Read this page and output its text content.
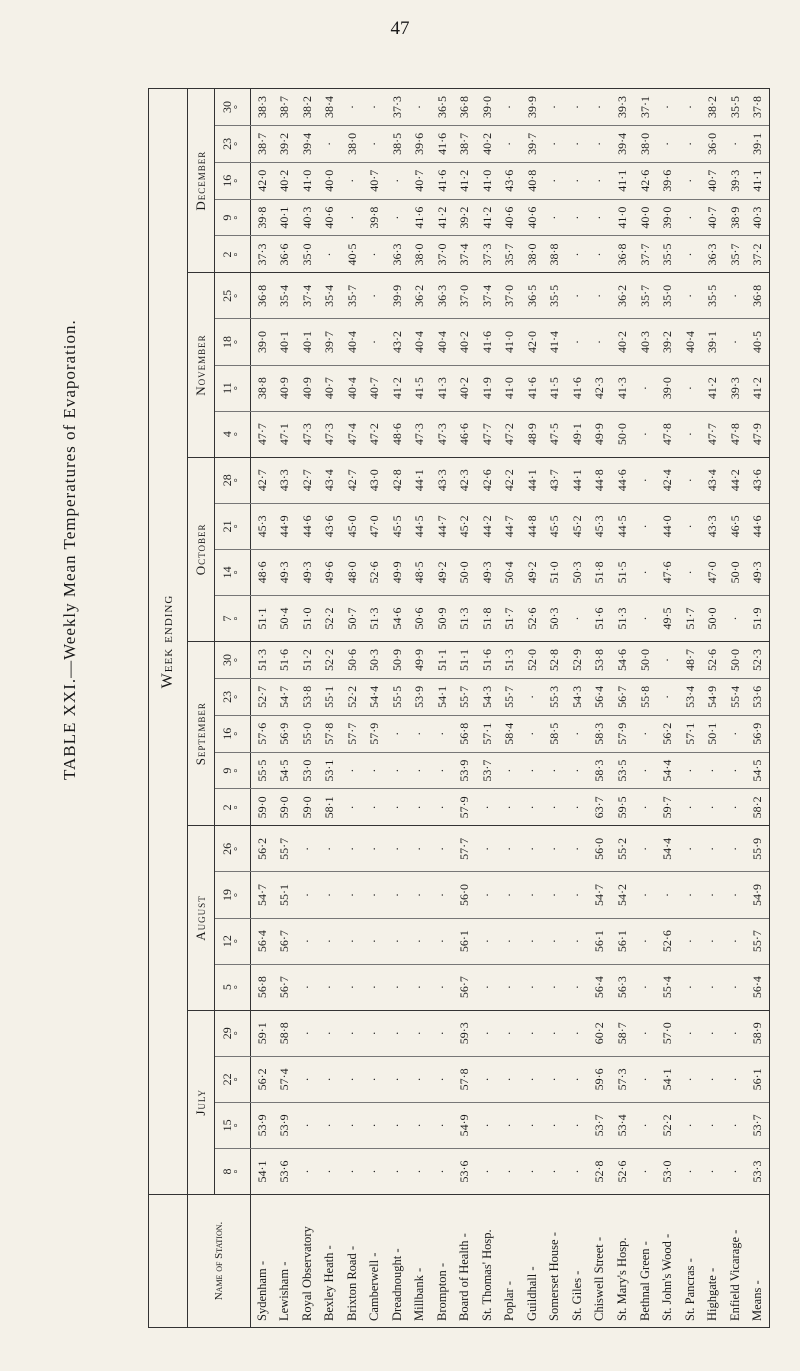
47
TABLE XXI.—Weekly Mean Temperatures of Evaporation.	Week ending
Name of Station.	Sydenham - Lewisham - Royal Observatory Bexley Heath - Brixton Road - Camberwell - Dreadnought - Millbank - Brompton - Board of Health - St. Thomas' Hosp. Poplar - Guildhall - Somerset House - St. Giles - Chiswell Street - St. Mary's Hosp. Bethnal Green - St. John's Wood - St. Pancras - Highgate - Enfield Vicarage - Means -
July
8 ° 54·1 53·6 · · · · · · · 53·6 · · · · · 52·8 52·6 · 53·0 · · · 53·3
15 ° 53·9 53·9 · · · · · · · 54·9 · · · · · 53·7 53·4 · 52·2 · · · 53·7
22 ° 56·2 57·4 · · · · · · · 57·8 · · · · · 59·6 57·3 · 54·1 · · · 56·1
29 ° 59·1 58·8 · · · · · · · 59·3 · · · · · 60·2 58·7 · 57·0 · · · 58·9
August
5 ° 56·8 56·7 · · · · · · · 56·7 · · · · · 56·4 56·3 · 55·4 · · · 56·4
12 ° 56·4 56·7 · · · · · · · 56·1 · · · · · 56·1 56·1 · 52·6 · · · 55·7
19 ° 54·7 55·1 · · · · · · · 56·0 · · · · · 54·7 54·2 · · · · · 54·9
26 ° 56·2 55·7 · · · · · · · 57·7 · · · · · 56·0 55·2 · 54·4 · · · 55·9
September
2 ° 59·0 59·0 59·0 58·1 · · · · · 57·9 · · · · · 63·7 59·5 · 59·7 · · · 58·2
9 ° 55·5 54·5 53·0 53·1 · · · · · 53·9 53·7 · · · · 58·3 53·5 · 54·4 · · · 54·5
16 ° 57·6 56·9 55·0 57·8 57·7 57·9 · · · 56·8 57·1 58·4 · 58·5 · 58·3 57·9 · 56·2 57·1 50·1 · 56·9
23 ° 52·7 54·7 53·8 55·1 52·2 54·4 55·5 53·9 54·1 55·7 54·3 55·7 · 55·3 54·3 56·4 56·7 55·8 · 53·4 54·9 55·4 53·6
30 ° 51·3 51·6 51·2 52·2 50·6 50·3 50·9 49·9 51·1 51·1 51·6 51·3 52·0 52·8 52·9 53·8 54·6 50·0 · 48·7 52·6 50·0 52·3
October
7 ° 51·1 50·4 51·0 52·2 50·7 51·3 54·6 50·6 50·9 51·3 51·8 51·7 52·6 50·3 · 51·6 51·3 · 49·5 51·7 50·0 · 51·9
14 ° 48·6 49·3 49·3 49·6 48·0 52·6 49·9 48·5 49·2 50·0 49·3 50·4 49·2 51·0 50·3 51·8 51·5 · 47·6 · 47·0 50·0 49·3
21 ° 45·3 44·9 44·6 43·6 45·0 47·0 45·5 44·5 44·7 45·2 44·2 44·7 44·8 45·5 45·2 45·3 44·5 · 44·0 · 43·3 46·5 44·6
28 ° 42·7 43·3 42·7 43·4 42·7 43·0 42·8 44·1 43·3 42·3 42·6 42·2 44·1 43·7 44·1 44·8 44·6 · 42·4 · 43·4 44·2 43·6
November
4 ° 47·7 47·1 47·3 47·3 47·4 47·2 48·6 47·3 47·3 46·6 47·7 47·2 48·9 47·5 49·1 49·9 50·0 · 47·8 · 47·7 47·8 47·9
11 ° 38·8 40·9 40·9 40·7 40·4 40·7 41·2 41·5 41·3 40·2 41·9 41·0 41·6 41·5 41·6 42·3 41·3 · 39·0 · 41·2 39·3 41·2
18 ° 39·0 40·1 40·1 39·7 40·4 · 43·2 40·4 40·4 40·2 41·6 41·0 42·0 41·4 · · 40·2 40·3 39·2 40·4 39·1 · 40·5
25 ° 36·8 35·4 37·4 35·4 35·7 · 39·9 36·2 36·3 37·0 37·4 37·0 36·5 35·5 · · 36·2 35·7 35·0 · 35·5 · 36·8
December
2 ° 37·3 36·6 35·0 · 40·5 · 36·3 38·0 37·0 37·4 37·3 35·7 38·0 38·8 · · 36·8 37·7 35·5 · 36·3 35·7 37·2
9 ° 39·8 40·1 40·3 40·6 · 39·8 · 41·6 41·2 39·2 41·2 40·6 40·6 · · · 41·0 40·0 39·0 · 40·7 38·9 40·3
16 ° 42·0 40·2 41·0 40·0 · 40·7 · 40·7 41·6 41·2 41·0 43·6 40·8 · · · 41·1 42·6 39·6 · 40·7 39·3 41·1
23 ° 38·7 39·2 39·4 · 38·0 · 38·5 39·6 41·6 38·7 40·2 · 39·7 · · · 39·4 38·0 · · 36·0 · 39·1
30 ° 38·3 38·7 38·2 38·4 · · 37·3 · 36·5 36·8 39·0 · 39·9 · · · 39·3 37·1 · · 38·2 35·5 37·8
